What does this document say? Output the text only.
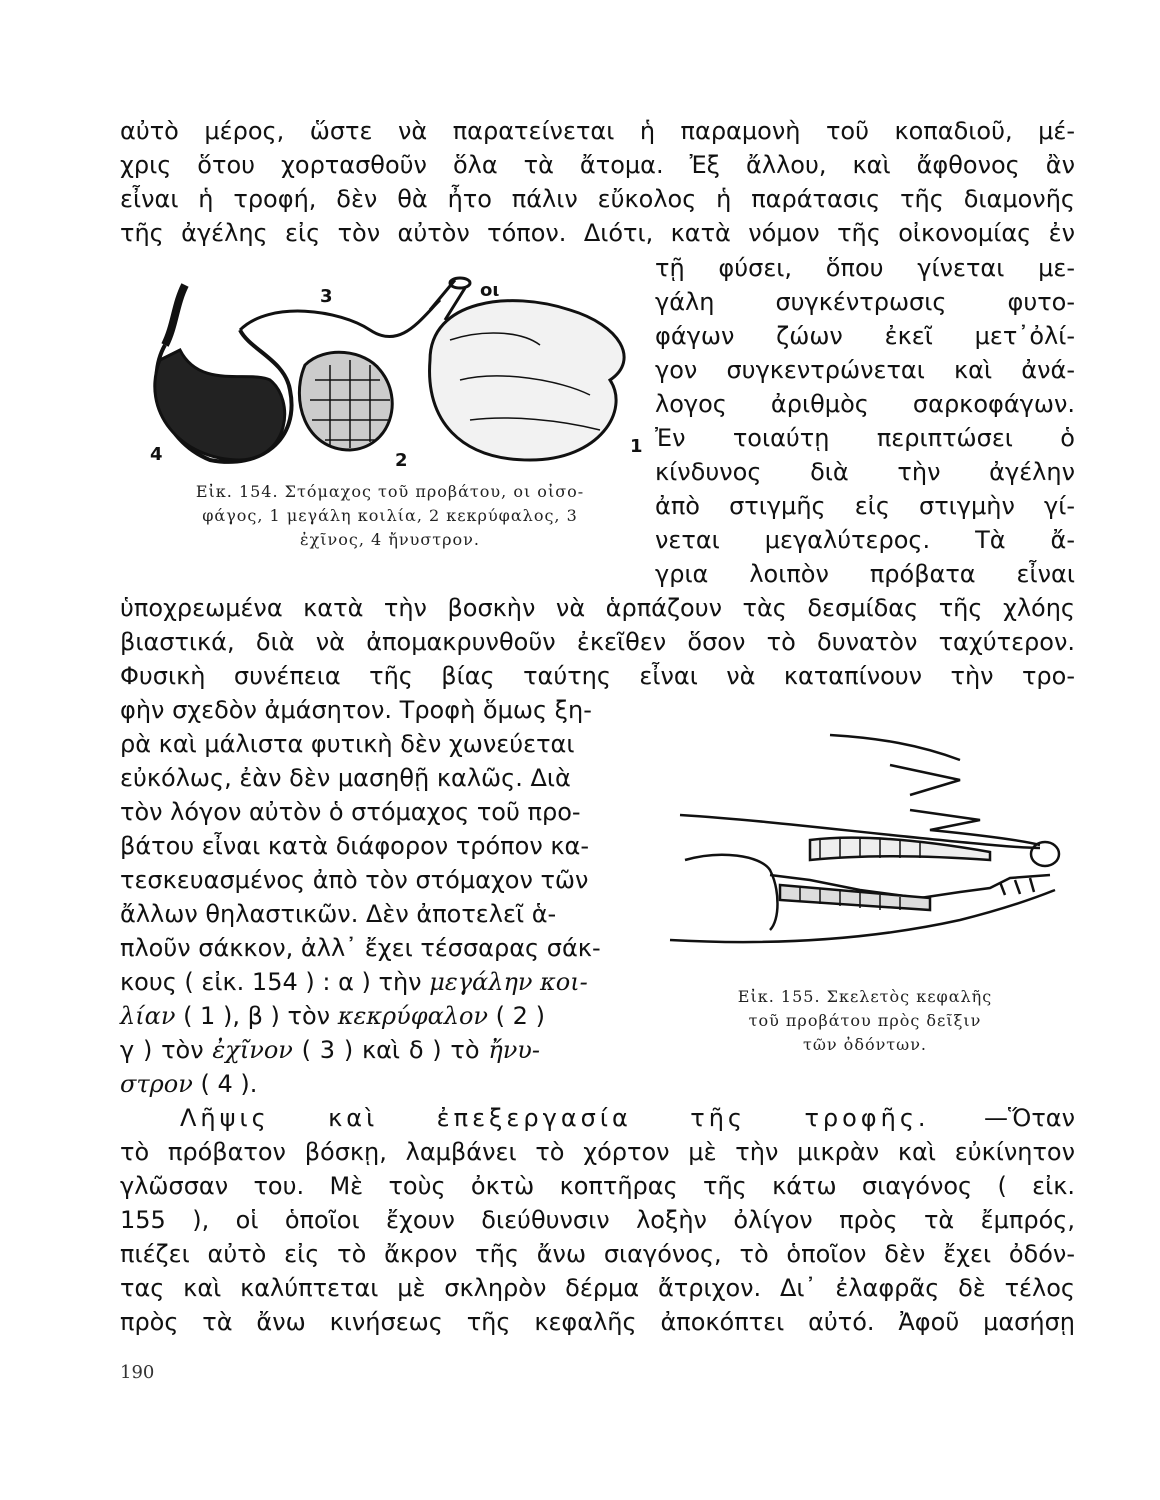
αὐτὸ μέρος, ὥστε νὰ παρατείνεται ἡ παραμονὴ τοῦ κοπαδιοῦ, μέ-
χρις ὅτου χορτασθοῦν ὅλα τὰ ἄτομα. Ἐξ ἄλλου, καὶ ἄφθονος ἂν
εἶναι ἡ τροφή, δὲν θὰ ἦτο πάλιν εὔκολος ἡ παράτασις τῆς διαμονῆς
τῆς ἀγέλης εἰς τὸν αὐτὸν τόπον. Διότι, κατὰ νόμον τῆς οἰκονομίας ἐν
3	οι
4	2
1
Εἰκ. 154. Στόμαχος τοῦ προβάτου, οι οἰσο-
φάγος, 1 μεγάλη κοιλία, 2 κεκρύφαλος, 3
ἐχῖνος, 4 ἤνυστρον.
τῇ φύσει, ὅπου γίνεται με-
γάλη συγκέντρωσις φυτο-
φάγων ζώων ἐκεῖ μετ᾽ὀλί-
γον συγκεντρώνεται καὶ ἀνά-
λογος ἀριθμὸς σαρκοφάγων.
Ἐν τοιαύτῃ περιπτώσει ὁ
κίνδυνος διὰ τὴν ἀγέλην
ἀπὸ στιγμῆς εἰς στιγμὴν γί-
νεται μεγαλύτερος. Τὰ ἄ-
γρια λοιπὸν πρόβατα εἶναι
ὑποχρεωμένα κατὰ τὴν βοσκὴν νὰ ἁρπάζουν τὰς δεσμίδας τῆς χλόης
βιαστικά, διὰ νὰ ἀπομακρυνθοῦν ἐκεῖθεν ὅσον τὸ δυνατὸν ταχύτερον.
Φυσικὴ συνέπεια τῆς βίας ταύτης εἶναι νὰ καταπίνουν τὴν τρο-
φὴν σχεδὸν ἀμάσητον. Τροφὴ ὅμως ξη-
ρὰ καὶ μάλιστα φυτικὴ δὲν χωνεύεται
εὐκόλως, ἐὰν δὲν μασηθῇ καλῶς. Διὰ
τὸν λόγον αὐτὸν ὁ στόμαχος τοῦ προ-
βάτου εἶναι κατὰ διάφορον τρόπον κα-
τεσκευασμένος ἀπὸ τὸν στόμαχον τῶν
ἄλλων θηλαστικῶν. Δὲν ἀποτελεῖ ἁ-
πλοῦν σάκκον, ἀλλ᾽ ἔχει τέσσαρας σάκ-
κους ( εἰκ. 154 ) : α ) τὴν μεγάλην κοι-
λίαν ( 1 ), β ) τὸν κεκρύφαλον ( 2 )
γ ) τὸν ἐχῖνον ( 3 ) καὶ δ ) τὸ ἤνυ-
στρον ( 4 ).
Εἰκ. 155. Σκελετὸς κεφαλῆς
τοῦ προβάτου πρὸς δεῖξιν
τῶν ὀδόντων.
Λῆψις καὶ ἐπεξεργασία τῆς τροφῆς. —Ὅταν
τὸ πρόβατον βόσκῃ, λαμβάνει τὸ χόρτον μὲ τὴν μικρὰν καὶ εὐκίνητον
γλῶσσαν του. Μὲ τοὺς ὀκτὼ κοπτῆρας τῆς κάτω σιαγόνος ( εἰκ.
155 ), οἱ ὁποῖοι ἔχουν διεύθυνσιν λοξὴν ὀλίγον πρὸς τὰ ἔμπρός,
πιέζει αὐτὸ εἰς τὸ ἄκρον τῆς ἄνω σιαγόνος, τὸ ὁποῖον δὲν ἔχει ὀδόν-
τας καὶ καλύπτεται μὲ σκληρὸν δέρμα ἄτριχον. Δι᾽ ἐλαφρᾶς δὲ τέλος
πρὸς τὰ ἄνω κινήσεως τῆς κεφαλῆς ἀποκόπτει αὐτό. Ἀφοῦ μασήσῃ
190
